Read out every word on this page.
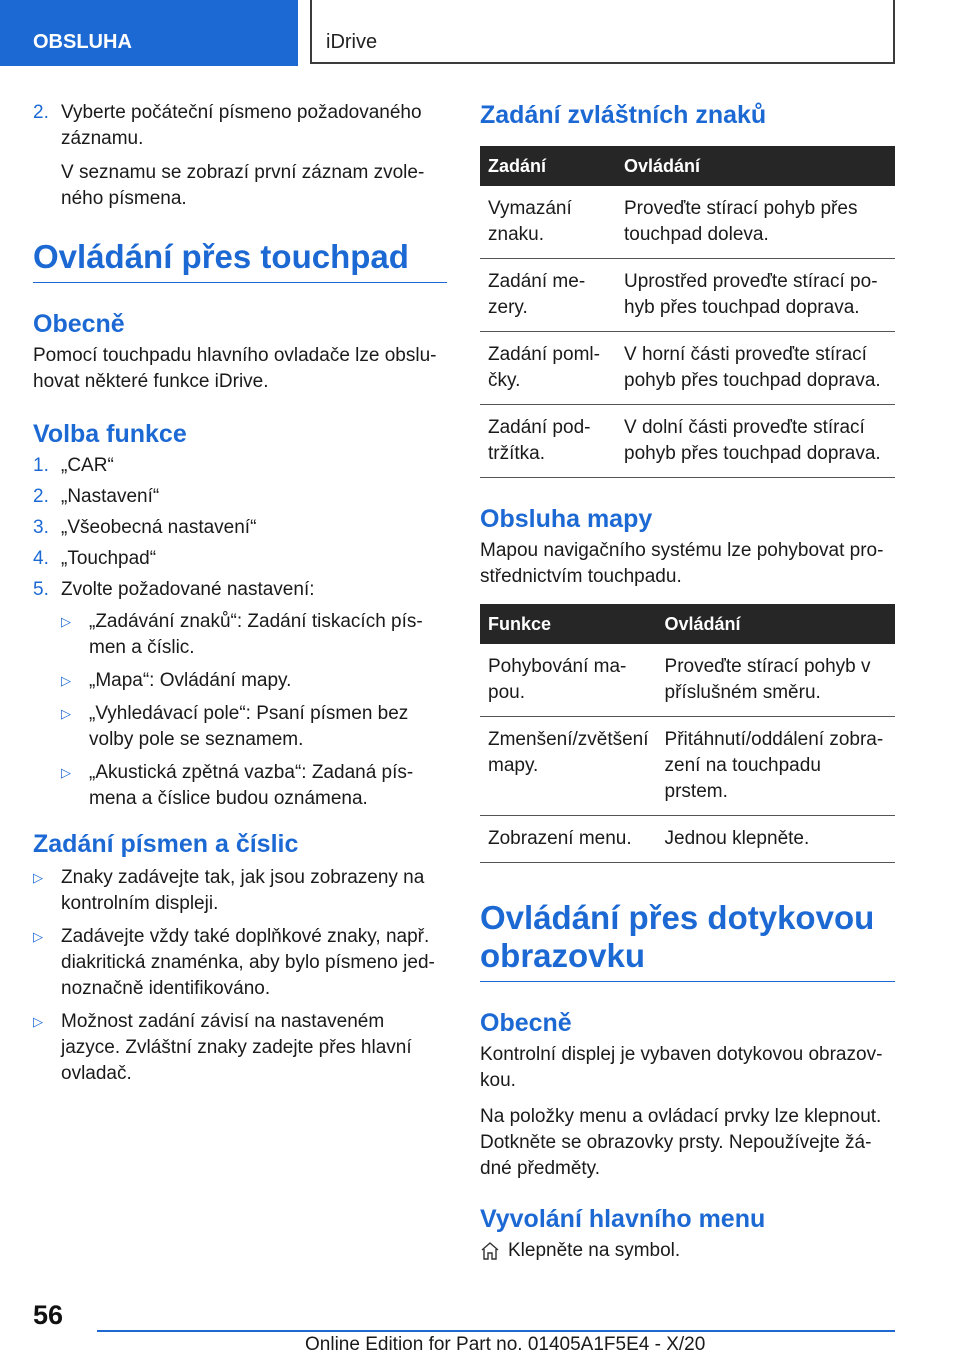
OBSLUHA	iDrive
2. Vyberte počáteční písmeno požadovaného záznamu.

V seznamu se zobrazí první záznam zvoleného písmena.

Ovládání přes touchpad
Obecně

Pomocí touchpadu hlavního ovladače lze obsluhovat některé funkce iDrive.

Volba funkce
1. „CAR“
2. „Nastavení“
3. „Všeobecná nastavení“
4. „Touchpad“
5. Zvolte požadované nastavení:
▷ „Zadávání znaků“: Zadání tiskacích písmen a číslic.
▷ „Mapa“: Ovládání mapy.
▷ „Vyhledávací pole“: Psaní písmen bez volby pole se seznamem.
▷ „Akustická zpětná vazba“: Zadaná písmena a číslice budou oznámena.
Zadání písmen a číslic
▷ Znaky zadávejte tak, jak jsou zobrazeny na kontrolním displeji.
▷ Zadávejte vždy také doplňkové znaky, např. diakritická znaménka, aby bylo písmeno jednoznačně identifikováno.
▷ Možnost zadání závisí na nastaveném jazyce. Zvláštní znaky zadejte přes hlavní ovladač.
Zadání zvláštních znaků
Zadání	Ovládání
Vymazání znaku.	Proveďte stírací pohyb přes touchpad doleva.
Zadání mezery.	Uprostřed proveďte stírací pohyb přes touchpad doprava.
Zadání pomlčky.	V horní části proveďte stírací pohyb přes touchpad doprava.
Zadání podtržítka.	V dolní části proveďte stírací pohyb přes touchpad doprava.
Obsluha mapy

Mapou navigačního systému lze pohybovat prostřednictvím touchpadu.

Funkce	Ovládání
Pohybování mapou.	Proveďte stírací pohyb v příslušném směru.
Zmenšení/zvětšení mapy.	Přitáhnutí/oddálení zobrazení na touchpadu prstem.
Zobrazení menu.	Jednou klepněte.
Ovládání přes dotykovou obrazovku
Obecně

Kontrolní displej je vybaven dotykovou obrazovkou.

Na položky menu a ovládací prvky lze klepnout. Dotkněte se obrazovky prsty. Nepoužívejte žádné předměty.

Vyvolání hlavního menu
Klepněte na symbol.
56
Online Edition for Part no. 01405A1F5E4 - X/20
